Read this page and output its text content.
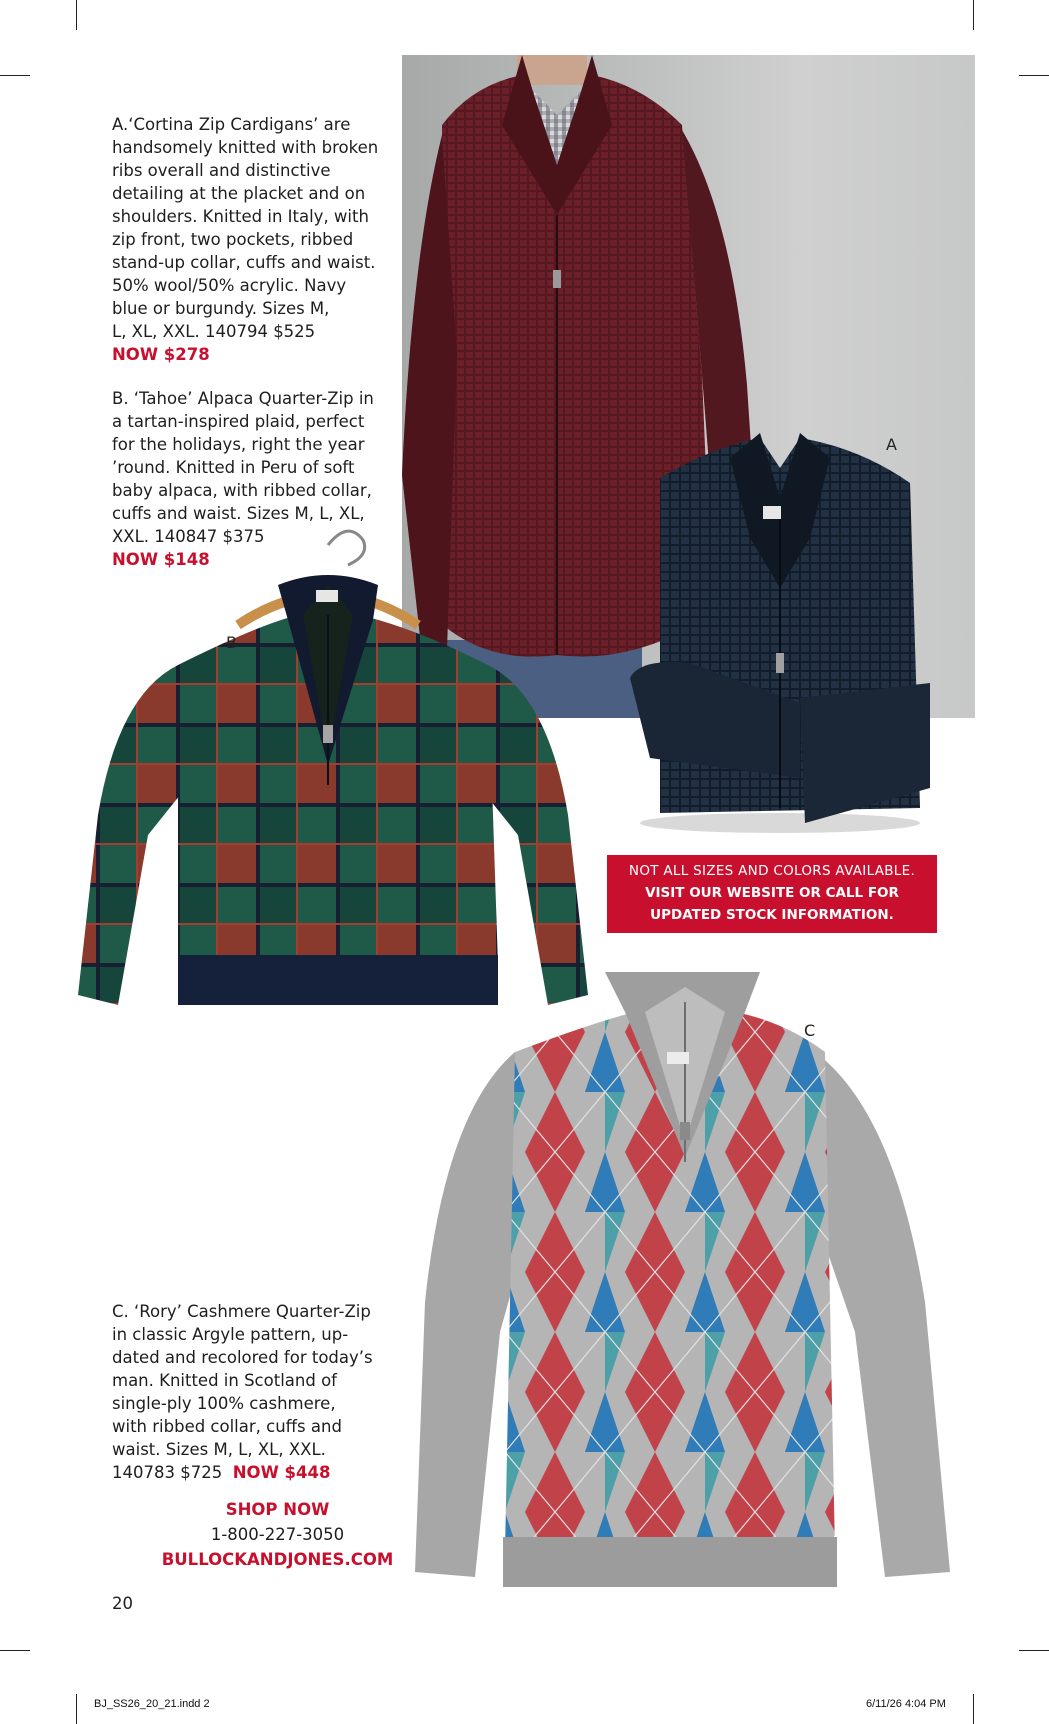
A
B
C
A.‘Cortina Zip Cardigans’ are
handsomely knitted with broken
ribs overall and distinctive
detailing at the placket and on
shoulders. Knitted in Italy, with
zip front, two pockets, ribbed
stand-up collar, cuffs and waist.
50% wool/50% acrylic. Navy
blue or burgundy. Sizes M,
L, XL, XXL. 140794 $525
NOW $278
B. ‘Tahoe’ Alpaca Quarter-Zip in
a tartan-inspired plaid, perfect
for the holidays, right the year
’round. Knitted in Peru of soft
baby alpaca, with ribbed collar,
cuffs and waist. Sizes M, L, XL,
XXL. 140847 $375
NOW $148
NOT ALL SIZES AND COLORS AVAILABLE.
VISIT OUR WEBSITE OR CALL FOR
UPDATED STOCK INFORMATION.
C. ‘Rory’ Cashmere Quarter-Zip
in classic Argyle pattern, up-
dated and recolored for today’s
man. Knitted in Scotland of
single-ply 100% cashmere,
with ribbed collar, cuffs and
waist. Sizes M, L, XL, XXL.
140783 $725 NOW $448
SHOP NOW
1-800-227-3050
BULLOCKANDJONES.COM
20
BJ_SS26_20_21.indd 2	6/11/26 4:04 PM
